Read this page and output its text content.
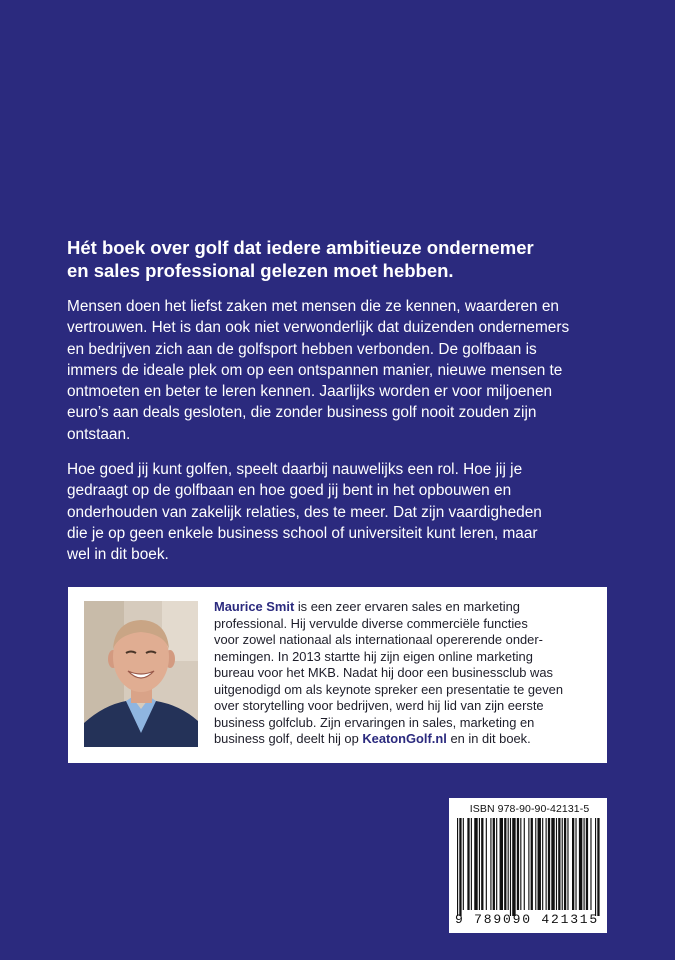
Hét boek over golf dat iedere ambitieuze ondernemer
en sales professional gelezen moet hebben.

Mensen doen het liefst zaken met mensen die ze kennen, waarderen en
vertrouwen. Het is dan ook niet verwonderlijk dat duizenden ondernemers
en bedrijven zich aan de golfsport hebben verbonden. De golfbaan is
immers de ideale plek om op een ontspannen manier, nieuwe mensen te
ontmoeten en beter te leren kennen. Jaarlijks worden er voor miljoenen
euro’s aan deals gesloten, die zonder business golf nooit zouden zijn
ontstaan.

Hoe goed jij kunt golfen, speelt daarbij nauwelijks een rol. Hoe jij je
gedraagt op de golfbaan en hoe goed jij bent in het opbouwen en
onderhouden van zakelijk relaties, des te meer. Dat zijn vaardigheden
die je op geen enkele business school of universiteit kunt leren, maar
wel in dit boek.

Maurice Smit is een zeer ervaren sales en marketing
professional. Hij vervulde diverse commerciële functies
voor zowel nationaal als internationaal opererende onder-
nemingen. In 2013 startte hij zijn eigen online marketing
bureau voor het MKB. Nadat hij door een businessclub was
uitgenodigd om als keynote spreker een presentatie te geven
over storytelling voor bedrijven, werd hij lid van zijn eerste
business golfclub. Zijn ervaringen in sales, marketing en
business golf, deelt hij op KeatonGolf.nl en in dit boek.

ISBN 978-90-90-42131-5
9 789090 421315
